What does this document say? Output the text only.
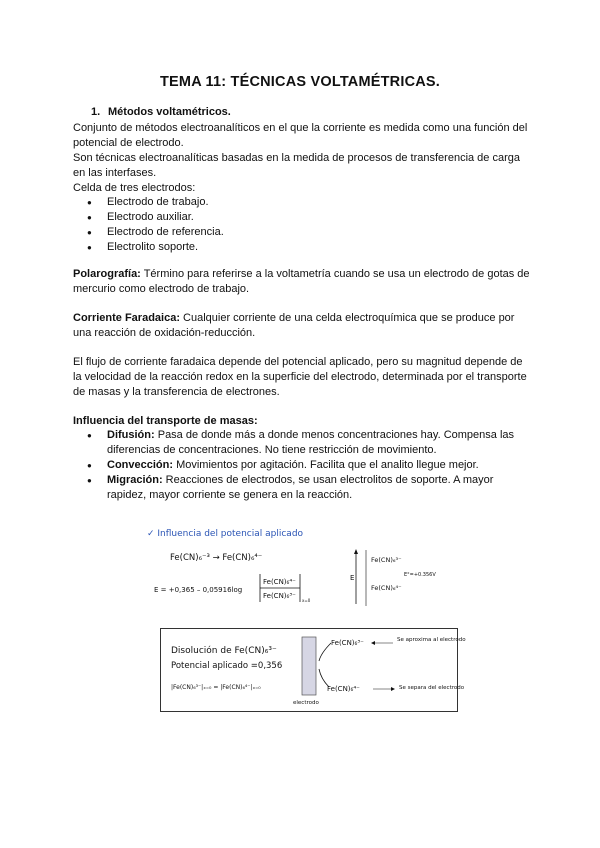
TEMA 11: TÉCNICAS VOLTAMÉTRICAS.
1. Métodos voltamétricos.
Conjunto de métodos electroanalíticos en el que la corriente es medida como una función del potencial de electrodo.
Son técnicas electroanalíticas basadas en la medida de procesos de transferencia de carga en las interfases.
Celda de tres electrodos:
● Electrodo de trabajo.
● Electrodo auxiliar.
● Electrodo de referencia.
● Electrolito soporte.
Polarografía: Término para referirse a la voltametría cuando se usa un electrodo de gotas de mercurio como electrodo de trabajo.
Corriente Faradaica: Cualquier corriente de una celda electroquímica que se produce por una reacción de oxidación-reducción.
El flujo de corriente faradaica depende del potencial aplicado, pero su magnitud depende de la velocidad de la reacción redox en la superficie del electrodo, determinada por el transporte de masas y la transferencia de electrones.
Influencia del transporte de masas:
● Difusión: Pasa de donde más a donde menos concentraciones hay. Compensa las diferencias de concentraciones. No tiene restricción de movimiento.
● Convección: Movimientos por agitación. Facilita que el analito llegue mejor.
● Migración: Reacciones de electrodos, se usan electrolitos de soporte. A mayor rapidez, mayor corriente se genera en la reacción.
✓ Influencia del potencial aplicado
Fe(CN)₆⁻³ → Fe(CN)₆⁴⁻
E = +0,365 – 0,05916log
Fe(CN)₆⁴⁻
Fe(CN)₆³⁻
x=0
E
Fe(CN)₆³⁻
E°=+0.356V
Fe(CN)₆⁴⁻
Disolución de Fe(CN)₆³⁻
Potencial aplicado =0,356
|Fe(CN)₆³⁻|ₓ₌₀ = |Fe(CN)₆⁴⁻|ₓ₌₀
electrodo
Fe(CN)₆³⁻
Fe(CN)₆⁴⁻
Se aproxima al electrodo
Se separa del electrodo
